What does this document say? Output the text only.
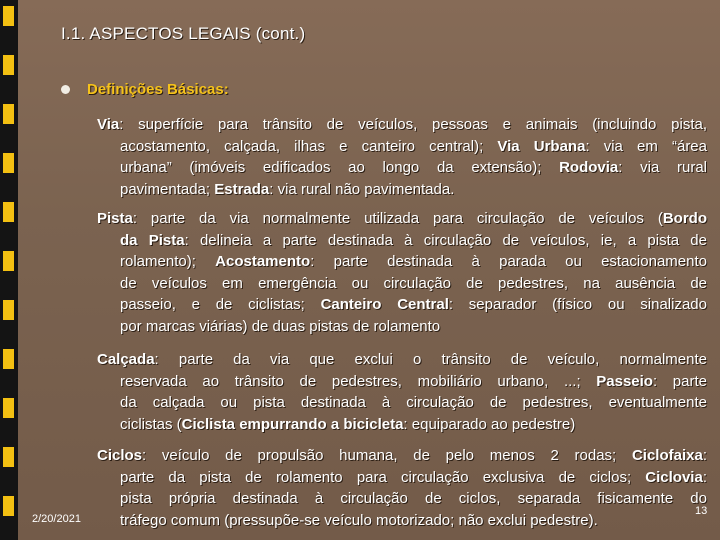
I.1. ASPECTOS LEGAIS (cont.)
Definições Básicas:
Via: superfície para trânsito de veículos, pessoas e animais (incluindo pista,
acostamento, calçada, ilhas e canteiro central); Via Urbana: via em “área
urbana” (imóveis edificados ao longo da extensão); Rodovia: via rural
pavimentada; Estrada: via rural não pavimentada.
Pista: parte da via normalmente utilizada para circulação de veículos (Bordo
da Pista: delineia a parte destinada à circulação de veículos, ie, a pista de
rolamento); Acostamento: parte destinada à parada ou estacionamento
de veículos em emergência ou circulação de pedestres, na ausência de
passeio, e de ciclistas; Canteiro Central: separador (físico ou sinalizado
por marcas viárias) de duas pistas de rolamento
Calçada: parte da via que exclui o trânsito de veículo, normalmente
reservada ao trânsito de pedestres, mobiliário urbano, ...; Passeio: parte
da calçada ou pista destinada à circulação de pedestres, eventualmente
ciclistas (Ciclista empurrando a bicicleta: equiparado ao pedestre)
Ciclos: veículo de propulsão humana, de pelo menos 2 rodas; Ciclofaixa:
parte da pista de rolamento para circulação exclusiva de ciclos; Ciclovia:
pista própria destinada à circulação de ciclos, separada fisicamente do
tráfego comum (pressupõe-se veículo motorizado; não exclui pedestre).
2/20/2021
13
